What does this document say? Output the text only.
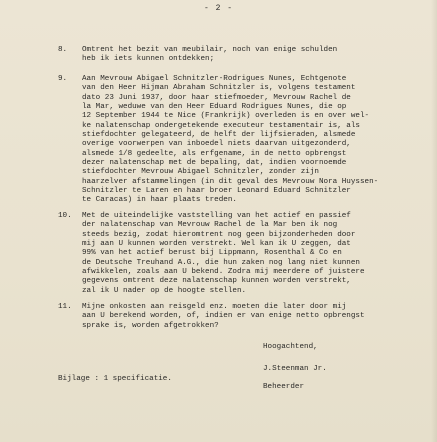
- 2 -
8.	Omtrent het bezit van meubilair, noch van enige schulden
heb ik iets kunnen ontdekken;
9.	Aan Mevrouw Abigael Schnitzler-Rodrigues Nunes, Echtgenote
van den Heer Hijman Abraham Schnitzler is, volgens testament
dato 23 Juni 1937, door haar stiefmoeder, Mevrouw Rachel de
la Mar, weduwe van den Heer Eduard Rodrigues Nunes, die op
12 September 1944 te Nice (Frankrijk) overleden is en over wel-
ke nalatenschap ondergetekende executeur testamentair is, als
stiefdochter gelegateerd, de helft der lijfsieraden, alsmede
overige voorwerpen van inboedel niets daarvan uitgezonderd,
alsmede 1/8 gedeelte, als erfgename, in de netto opbrengst
dezer nalatenschap met de bepaling, dat, indien voornoemde
stiefdochter Mevrouw Abigael Schnitzler, zonder zijn
haarzelver afstammelingen (in dit geval des Mevrouw Nora Huyssen-
Schnitzler te Laren en haar broer Leonard Eduard Schnitzler
te Caracas) in haar plaats treden.
10.	Met de uiteindelijke vaststelling van het actief en passief
der nalatenschap van Mevrouw Rachel de la Mar ben ik nog
steeds bezig, zodat hieromtrent nog geen bijzonderheden door
mij aan U kunnen worden verstrekt. Wel kan ik U zeggen, dat
99% van het actief berust bij Lippmann, Rosenthal & Co en
de Deutsche Treuhand A.G., die hun zaken nog lang niet kunnen
afwikkelen, zoals aan U bekend. Zodra mij meerdere of juistere
gegevens omtrent deze nalatenschap kunnen worden verstrekt,
zal ik U nader op de hoogte stellen.
11.	Mijne onkosten aan reisgeld enz. moeten die later door mij
aan U berekend worden, of, indien er van enige netto opbrengst
sprake is, worden afgetrokken?
Hoogachtend,
J.Steenman Jr.
Beheerder
Bijlage : 1 specificatie.
